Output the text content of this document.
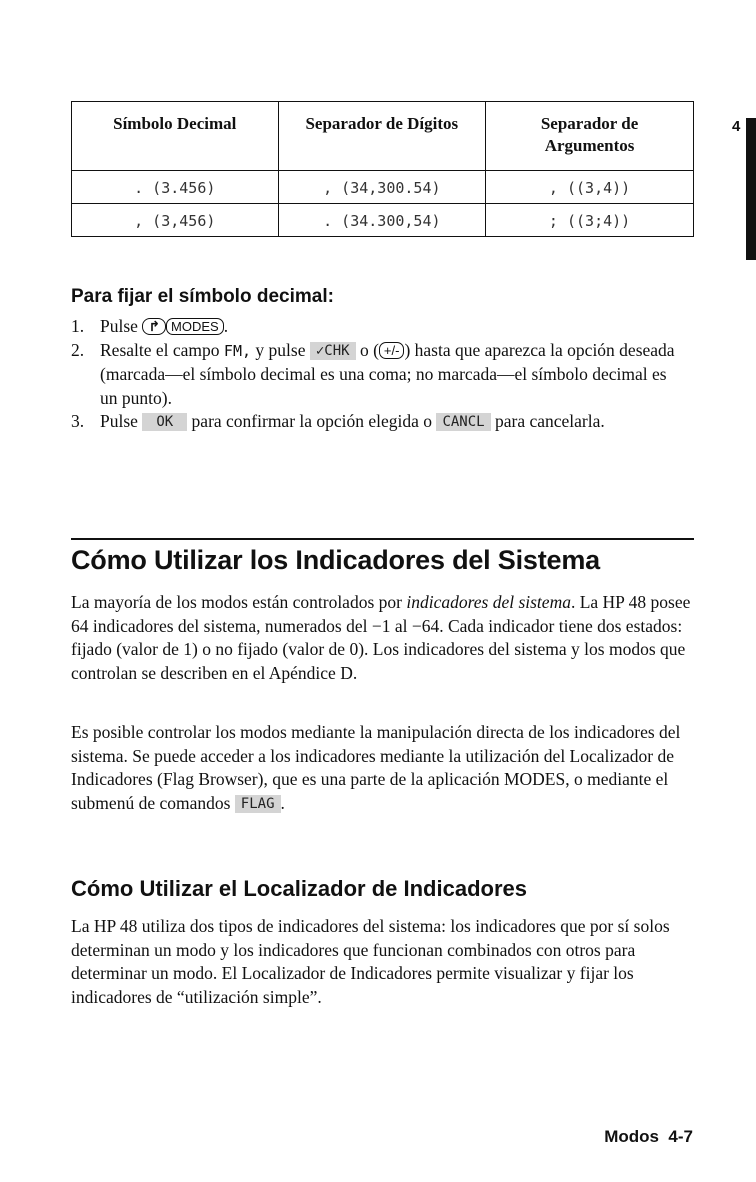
4
Símbolo Decimal	Separador de Dígitos	Separador de Argumentos
. (3.456)	, (34,300.54)	, ((3,4))
, (3,456)	. (34.300,54)	; ((3;4))
Para fijar el símbolo decimal:
1. Pulse ↱ MODES .
2. Resalte el campo FM, y pulse ✓CHK o ( +/- ) hasta que aparezca la opción deseada (marcada—el símbolo decimal es una coma; no marcada—el símbolo decimal es un punto).
3. Pulse OK para confirmar la opción elegida o CANCL para cancelarla.
Cómo Utilizar los Indicadores del Sistema

La mayoría de los modos están controlados por indicadores del sistema. La HP 48 posee 64 indicadores del sistema, numerados del −1 al −64. Cada indicador tiene dos estados: fijado (valor de 1) o no fijado (valor de 0). Los indicadores del sistema y los modos que controlan se describen en el Apéndice D.

Es posible controlar los modos mediante la manipulación directa de los indicadores del sistema. Se puede acceder a los indicadores mediante la utilización del Localizador de Indicadores (Flag Browser), que es una parte de la aplicación MODES, o mediante el submenú de comandos FLAG .

Cómo Utilizar el Localizador de Indicadores

La HP 48 utiliza dos tipos de indicadores del sistema: los indicadores que por sí solos determinan un modo y los indicadores que funcionan combinados con otros para determinar un modo. El Localizador de Indicadores permite visualizar y fijar los indicadores de “utilización simple”.

Modos 4-7
